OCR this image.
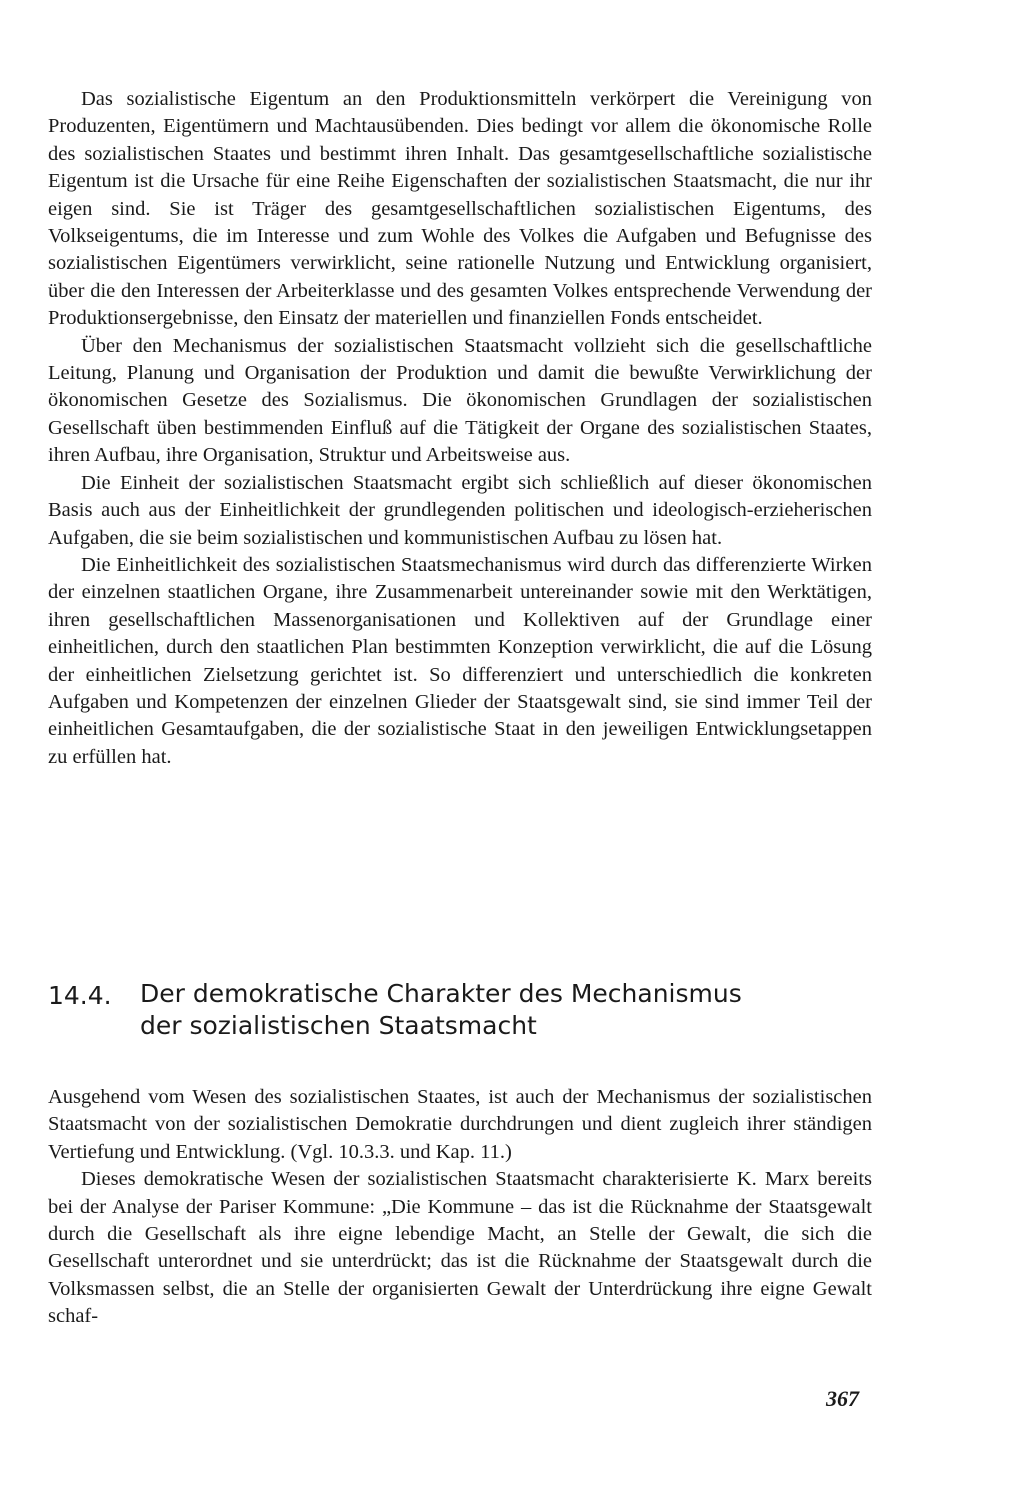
Das sozialistische Eigentum an den Produktionsmitteln verkörpert die Vereinigung von Produzenten, Eigentümern und Machtausübenden. Dies bedingt vor allem die ökonomische Rolle des sozialistischen Staates und bestimmt ihren Inhalt. Das gesamtgesellschaftliche sozialistische Eigentum ist die Ursache für eine Reihe Eigenschaften der sozialistischen Staatsmacht, die nur ihr eigen sind. Sie ist Träger des gesamtgesellschaftlichen sozialistischen Eigentums, des Volkseigentums, die im Interesse und zum Wohle des Volkes die Aufgaben und Befugnisse des sozialistischen Eigentümers verwirklicht, seine rationelle Nutzung und Entwicklung organisiert, über die den Interessen der Arbeiterklasse und des gesamten Volkes entsprechende Verwendung der Produktionsergebnisse, den Einsatz der materiellen und finanziellen Fonds entscheidet.

Über den Mechanismus der sozialistischen Staatsmacht vollzieht sich die gesellschaftliche Leitung, Planung und Organisation der Produktion und damit die bewußte Verwirklichung der ökonomischen Gesetze des Sozialismus. Die ökonomischen Grundlagen der sozialistischen Gesellschaft üben bestimmenden Einfluß auf die Tätigkeit der Organe des sozialistischen Staates, ihren Aufbau, ihre Organisation, Struktur und Arbeitsweise aus.

Die Einheit der sozialistischen Staatsmacht ergibt sich schließlich auf dieser ökonomischen Basis auch aus der Einheitlichkeit der grundlegenden politischen und ideologisch-erzieherischen Aufgaben, die sie beim sozialistischen und kommunistischen Aufbau zu lösen hat.

Die Einheitlichkeit des sozialistischen Staatsmechanismus wird durch das differenzierte Wirken der einzelnen staatlichen Organe, ihre Zusammenarbeit untereinander sowie mit den Werktätigen, ihren gesellschaftlichen Massenorganisationen und Kollektiven auf der Grundlage einer einheitlichen, durch den staatlichen Plan bestimmten Konzeption verwirklicht, die auf die Lösung der einheitlichen Zielsetzung gerichtet ist. So differenziert und unterschiedlich die konkreten Aufgaben und Kompetenzen der einzelnen Glieder der Staatsgewalt sind, sie sind immer Teil der einheitlichen Gesamtaufgaben, die der sozialistische Staat in den jeweiligen Entwicklungsetappen zu erfüllen hat.

14.4. Der demokratische Charakter des Mechanismus
der sozialistischen Staatsmacht

Ausgehend vom Wesen des sozialistischen Staates, ist auch der Mechanismus der sozialistischen Staatsmacht von der sozialistischen Demokratie durchdrungen und dient zugleich ihrer ständigen Vertiefung und Entwicklung. (Vgl. 10.3.3. und Kap. 11.)

Dieses demokratische Wesen der sozialistischen Staatsmacht charakterisierte K. Marx bereits bei der Analyse der Pariser Kommune: „Die Kommune – das ist die Rücknahme der Staatsgewalt durch die Gesellschaft als ihre eigne lebendige Macht, an Stelle der Gewalt, die sich die Gesellschaft unterordnet und sie unterdrückt; das ist die Rücknahme der Staatsgewalt durch die Volksmassen selbst, die an Stelle der organisierten Gewalt der Unterdrückung ihre eigne Gewalt schaf-

367
